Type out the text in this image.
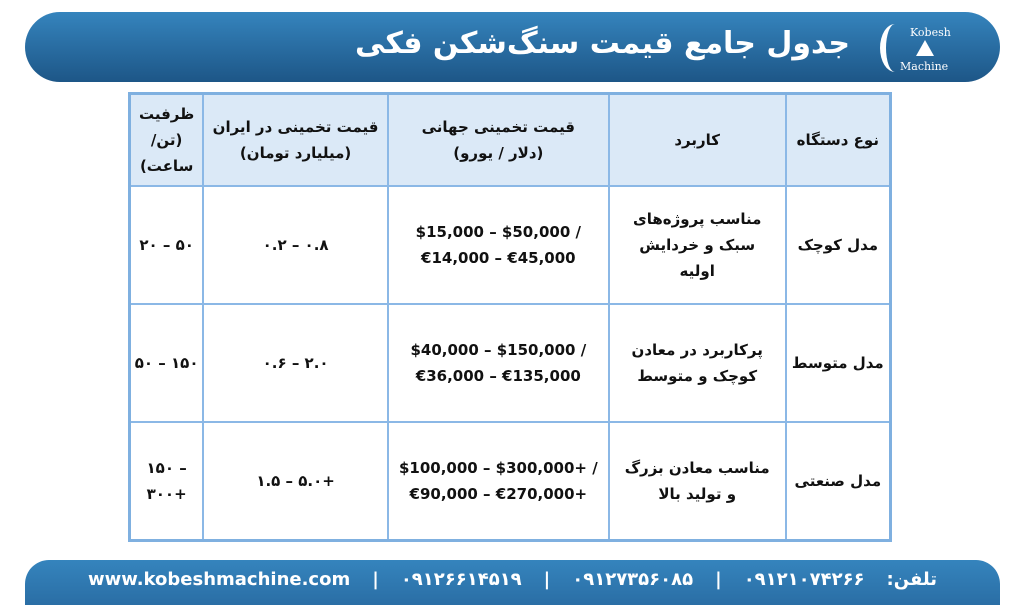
Kobesh
Machine
جدول جامع قیمت سنگ‌شکن فکی
نوع دستگاه	کاربرد	قیمت تخمینی جهانی (دلار / یورو)	قیمت تخمینی در ایران (میلیارد تومان)	ظرفیت (تن/ساعت)
مدل کوچک	مناسب پروژه‌های سبک و خردایش اولیه	$15,000 – $50,000 / €14,000 – €45,000	۰.۲ – ۰.۸	۲۰ – ۵۰
مدل متوسط	پرکاربرد در معادن کوچک و متوسط	$40,000 – $150,000 / €36,000 – €135,000	۰.۶ – ۲.۰	۵۰ – ۱۵۰
مدل صنعتی	مناسب معادن بزرگ و تولید بالا	$100,000 – $300,000+ / €90,000 – €270,000+	۱.۵ – ۵.۰+	۱۵۰ – ۳۰۰+
www.kobeshmachine.com | ۰۹۱۲۶۶۱۴۵۱۹ | ۰۹۱۲۷۳۵۶۰۸۵ | ۰۹۱۲۱۰۷۴۲۶۶ تلفن:
